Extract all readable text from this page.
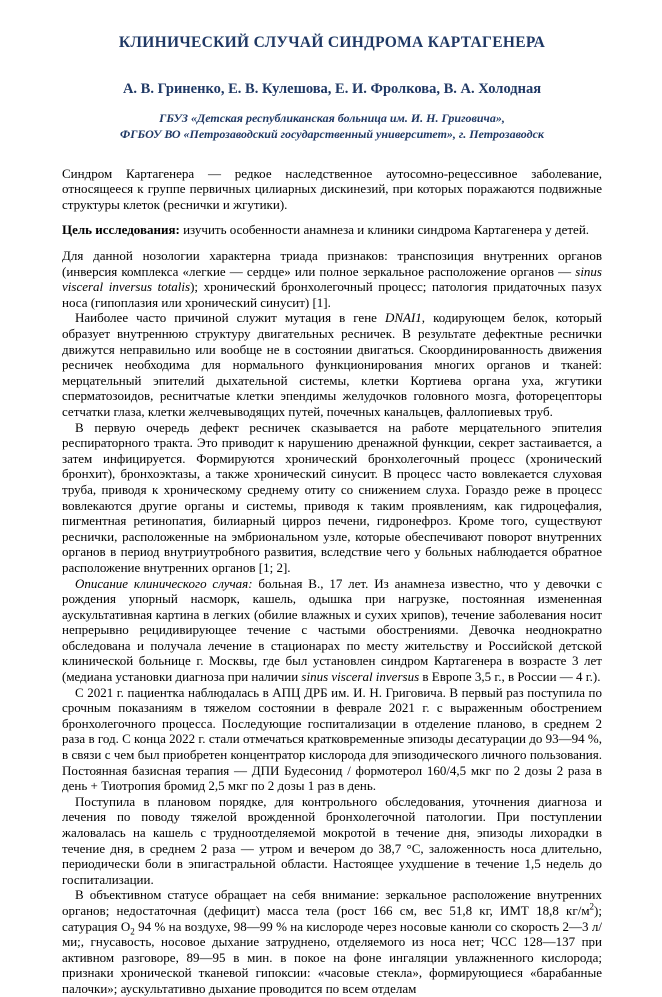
КЛИНИЧЕСКИЙ СЛУЧАЙ СИНДРОМА КАРТАГЕНЕРА
А. В. Гриненко, Е. В. Кулешова, Е. И. Фролкова, В. А. Холодная
ГБУЗ «Детская республиканская больница им. И. Н. Григовича»,
ФГБОУ ВО «Петрозаводский государственный университет», г. Петрозаводск

Синдром Картагенера — редкое наследственное аутосомно-рецессивное заболевание, относящееся к группе первичных цилиарных дискинезий, при которых поражаются подвижные структуры клеток (реснички и жгутики).

Цель исследования: изучить особенности анамнеза и клиники синдрома Картагенера у детей.

Для данной нозологии характерна триада признаков: транспозиция внутренних органов (инверсия комплекса «легкие — сердце» или полное зеркальное расположение органов — sinus visceral inversus totalis); хронический бронхолегочный процесс; патология придаточных пазух носа (гипоплазия или хронический синусит) [1].

Наиболее часто причиной служит мутация в гене DNAI1, кодирующем белок, который образует внутреннюю структуру двигательных ресничек. В результате дефектные реснички движутся неправильно или вообще не в состоянии двигаться. Скоординированность движения ресничек необходима для нормального функционирования многих органов и тканей: мерцательный эпителий дыхательной системы, клетки Кортиева органа уха, жгутики сперматозоидов, реснитчатые клетки эпендимы желудочков головного мозга, фоторецепторы сетчатки глаза, клетки желчевыводящих путей, почечных канальцев, фаллопиевых труб.

В первую очередь дефект ресничек сказывается на работе мерцательного эпителия респираторного тракта. Это приводит к нарушению дренажной функции, секрет застаивается, а затем инфицируется. Формируются хронический бронхолегочный процесс (хронический бронхит), бронхоэктазы, а также хронический синусит. В процесс часто вовлекается слуховая труба, приводя к хроническому среднему отиту со снижением слуха. Гораздо реже в процесс вовлекаются другие органы и системы, приводя к таким проявлениям, как гидроцефалия, пигментная ретинопатия, билиарный цирроз печени, гидронефроз. Кроме того, существуют реснички, расположенные на эмбриональном узле, которые обеспечивают поворот внутренних органов в период внутриутробного развития, вследствие чего у больных наблюдается обратное расположение внутренних органов [1; 2].

Описание клинического случая: больная В., 17 лет. Из анамнеза известно, что у девочки с рождения упорный насморк, кашель, одышка при нагрузке, постоянная измененная аускультативная картина в легких (обилие влажных и сухих хрипов), течение заболевания носит непрерывно рецидивирующее течение с частыми обострениями. Девочка неоднократно обследована и получала лечение в стационарах по месту жительству и Российской детской клинической больнице г. Москвы, где был установлен синдром Картагенера в возрасте 3 лет (медиана установки диагноза при наличии sinus visceral inversus в Европе 3,5 г., в России — 4 г.).

С 2021 г. пациентка наблюдалась в АПЦ ДРБ им. И. Н. Григовича. В первый раз поступила по срочным показаниям в тяжелом состоянии в феврале 2021 г. с выраженным обострением бронхолегочного процесса. Последующие госпитализации в отделение планово, в среднем 2 раза в год. С конца 2022 г. стали отмечаться кратковременные эпизоды десатурации до 93—94 %, в связи с чем был приобретен концентратор кислорода для эпизодического личного пользования. Постоянная базисная терапия — ДПИ Будесонид / формотерол 160/4,5 мкг по 2 дозы 2 раза в день + Тиотропия бромид 2,5 мкг по 2 дозы 1 раз в день.

Поступила в плановом порядке, для контрольного обследования, уточнения диагноза и лечения по поводу тяжелой врожденной бронхолегочной патологии. При поступлении жаловалась на кашель с трудноотделяемой мокротой в течение дня, эпизоды лихорадки в течение дня, в среднем 2 раза — утром и вечером до 38,7 °C, заложенность носа длительно, периодически боли в эпигастральной области. Настоящее ухудшение в течение 1,5 недель до госпитализации.

В объективном статусе обращает на себя внимание: зеркальное расположение внутренних органов; недостаточная (дефицит) масса тела (рост 166 см, вес 51,8 кг, ИМТ 18,8 $кг/м^2$); сатурация $O_2$ 94 % на воздухе, 98—99 % на кислороде через носовые канюли со скорость 2—3 л/ми;, гнусавость, носовое дыхание затруднено, отделяемого из носа нет; ЧСС 128—137 при активном разговоре, 89—95 в мин. в покое на фоне ингаляции увлажненного кислорода; признаки хронической тканевой гипоксии: «часовые стекла», формирующиеся «барабанные палочки»; аускультативно дыхание проводится по всем отделам
